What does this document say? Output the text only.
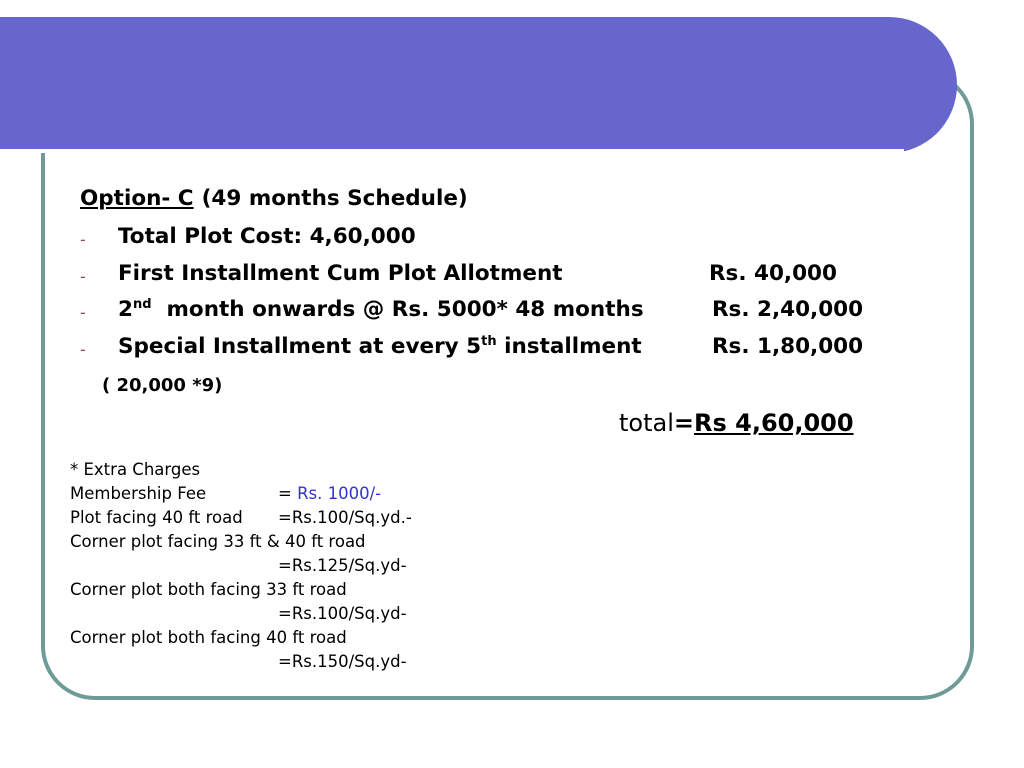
Option- C (49 months Schedule)
-
-
-
-
Total Plot Cost: 4,60,000
First Installment Cum Plot Allotment	Rs. 40,000
2nd month onwards @ Rs. 5000* 48 months	Rs. 2,40,000
Special Installment at every 5th installment	Rs. 1,80,000
( 20,000 *9)
total=Rs 4,60,000
* Extra Charges
Membership Fee	= Rs. 1000/-
Plot facing 40 ft road =Rs.100/Sq.yd.-
Corner plot facing 33 ft & 40 ft road
=Rs.125/Sq.yd-
Corner plot both facing 33 ft road
=Rs.100/Sq.yd-
Corner plot both facing 40 ft road
=Rs.150/Sq.yd-
